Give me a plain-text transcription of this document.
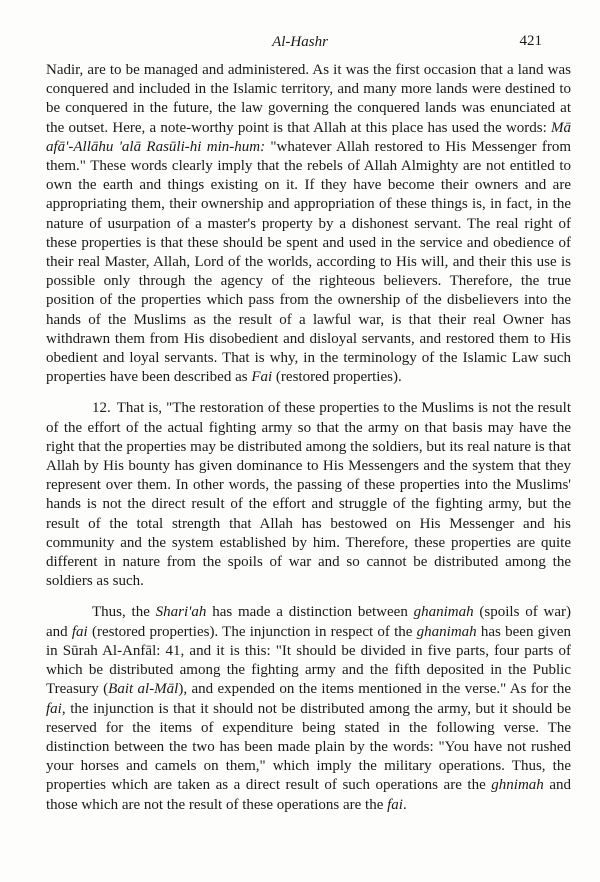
Al-Hashr	421

Nadir, are to be managed and administered. As it was the first occasion that a land was conquered and included in the Islamic territory, and many more lands were destined to be conquered in the future, the law governing the conquered lands was enunciated at the outset. Here, a note-worthy point is that Allah at this place has used the words: Mā afā'-Allāhu 'alā Rasūli-hi min-hum: "whatever Allah restored to His Messenger from them." These words clearly imply that the rebels of Allah Almighty are not entitled to own the earth and things existing on it. If they have become their owners and are appropriating them, their ownership and appropriation of these things is, in fact, in the nature of usurpation of a master's property by a dishonest servant. The real right of these properties is that these should be spent and used in the service and obedience of their real Master, Allah, Lord of the worlds, according to His will, and their this use is possible only through the agency of the righteous believers. Therefore, the true position of the properties which pass from the ownership of the disbelievers into the hands of the Muslims as the result of a lawful war, is that their real Owner has withdrawn them from His disobedient and disloyal servants, and restored them to His obedient and loyal servants. That is why, in the terminology of the Islamic Law such properties have been described as Fai (restored properties).

12. That is, "The restoration of these properties to the Muslims is not the result of the effort of the actual fighting army so that the army on that basis may have the right that the properties may be distributed among the soldiers, but its real nature is that Allah by His bounty has given dominance to His Messengers and the system that they represent over them. In other words, the passing of these properties into the Muslims' hands is not the direct result of the effort and struggle of the fighting army, but the result of the total strength that Allah has bestowed on His Messenger and his community and the system established by him. Therefore, these properties are quite different in nature from the spoils of war and so cannot be distributed among the soldiers as such.

Thus, the Shari'ah has made a distinction between ghanimah (spoils of war) and fai (restored properties). The injunction in respect of the ghanimah has been given in Sūrah Al-Anfāl: 41, and it is this: "It should be divided in five parts, four parts of which be distributed among the fighting army and the fifth deposited in the Public Treasury (Bait al-Māl), and expended on the items mentioned in the verse." As for the fai, the injunction is that it should not be distributed among the army, but it should be reserved for the items of expenditure being stated in the following verse. The distinction between the two has been made plain by the words: "You have not rushed your horses and camels on them," which imply the military operations. Thus, the properties which are taken as a direct result of such operations are the ghnimah and those which are not the result of these operations are the fai.
